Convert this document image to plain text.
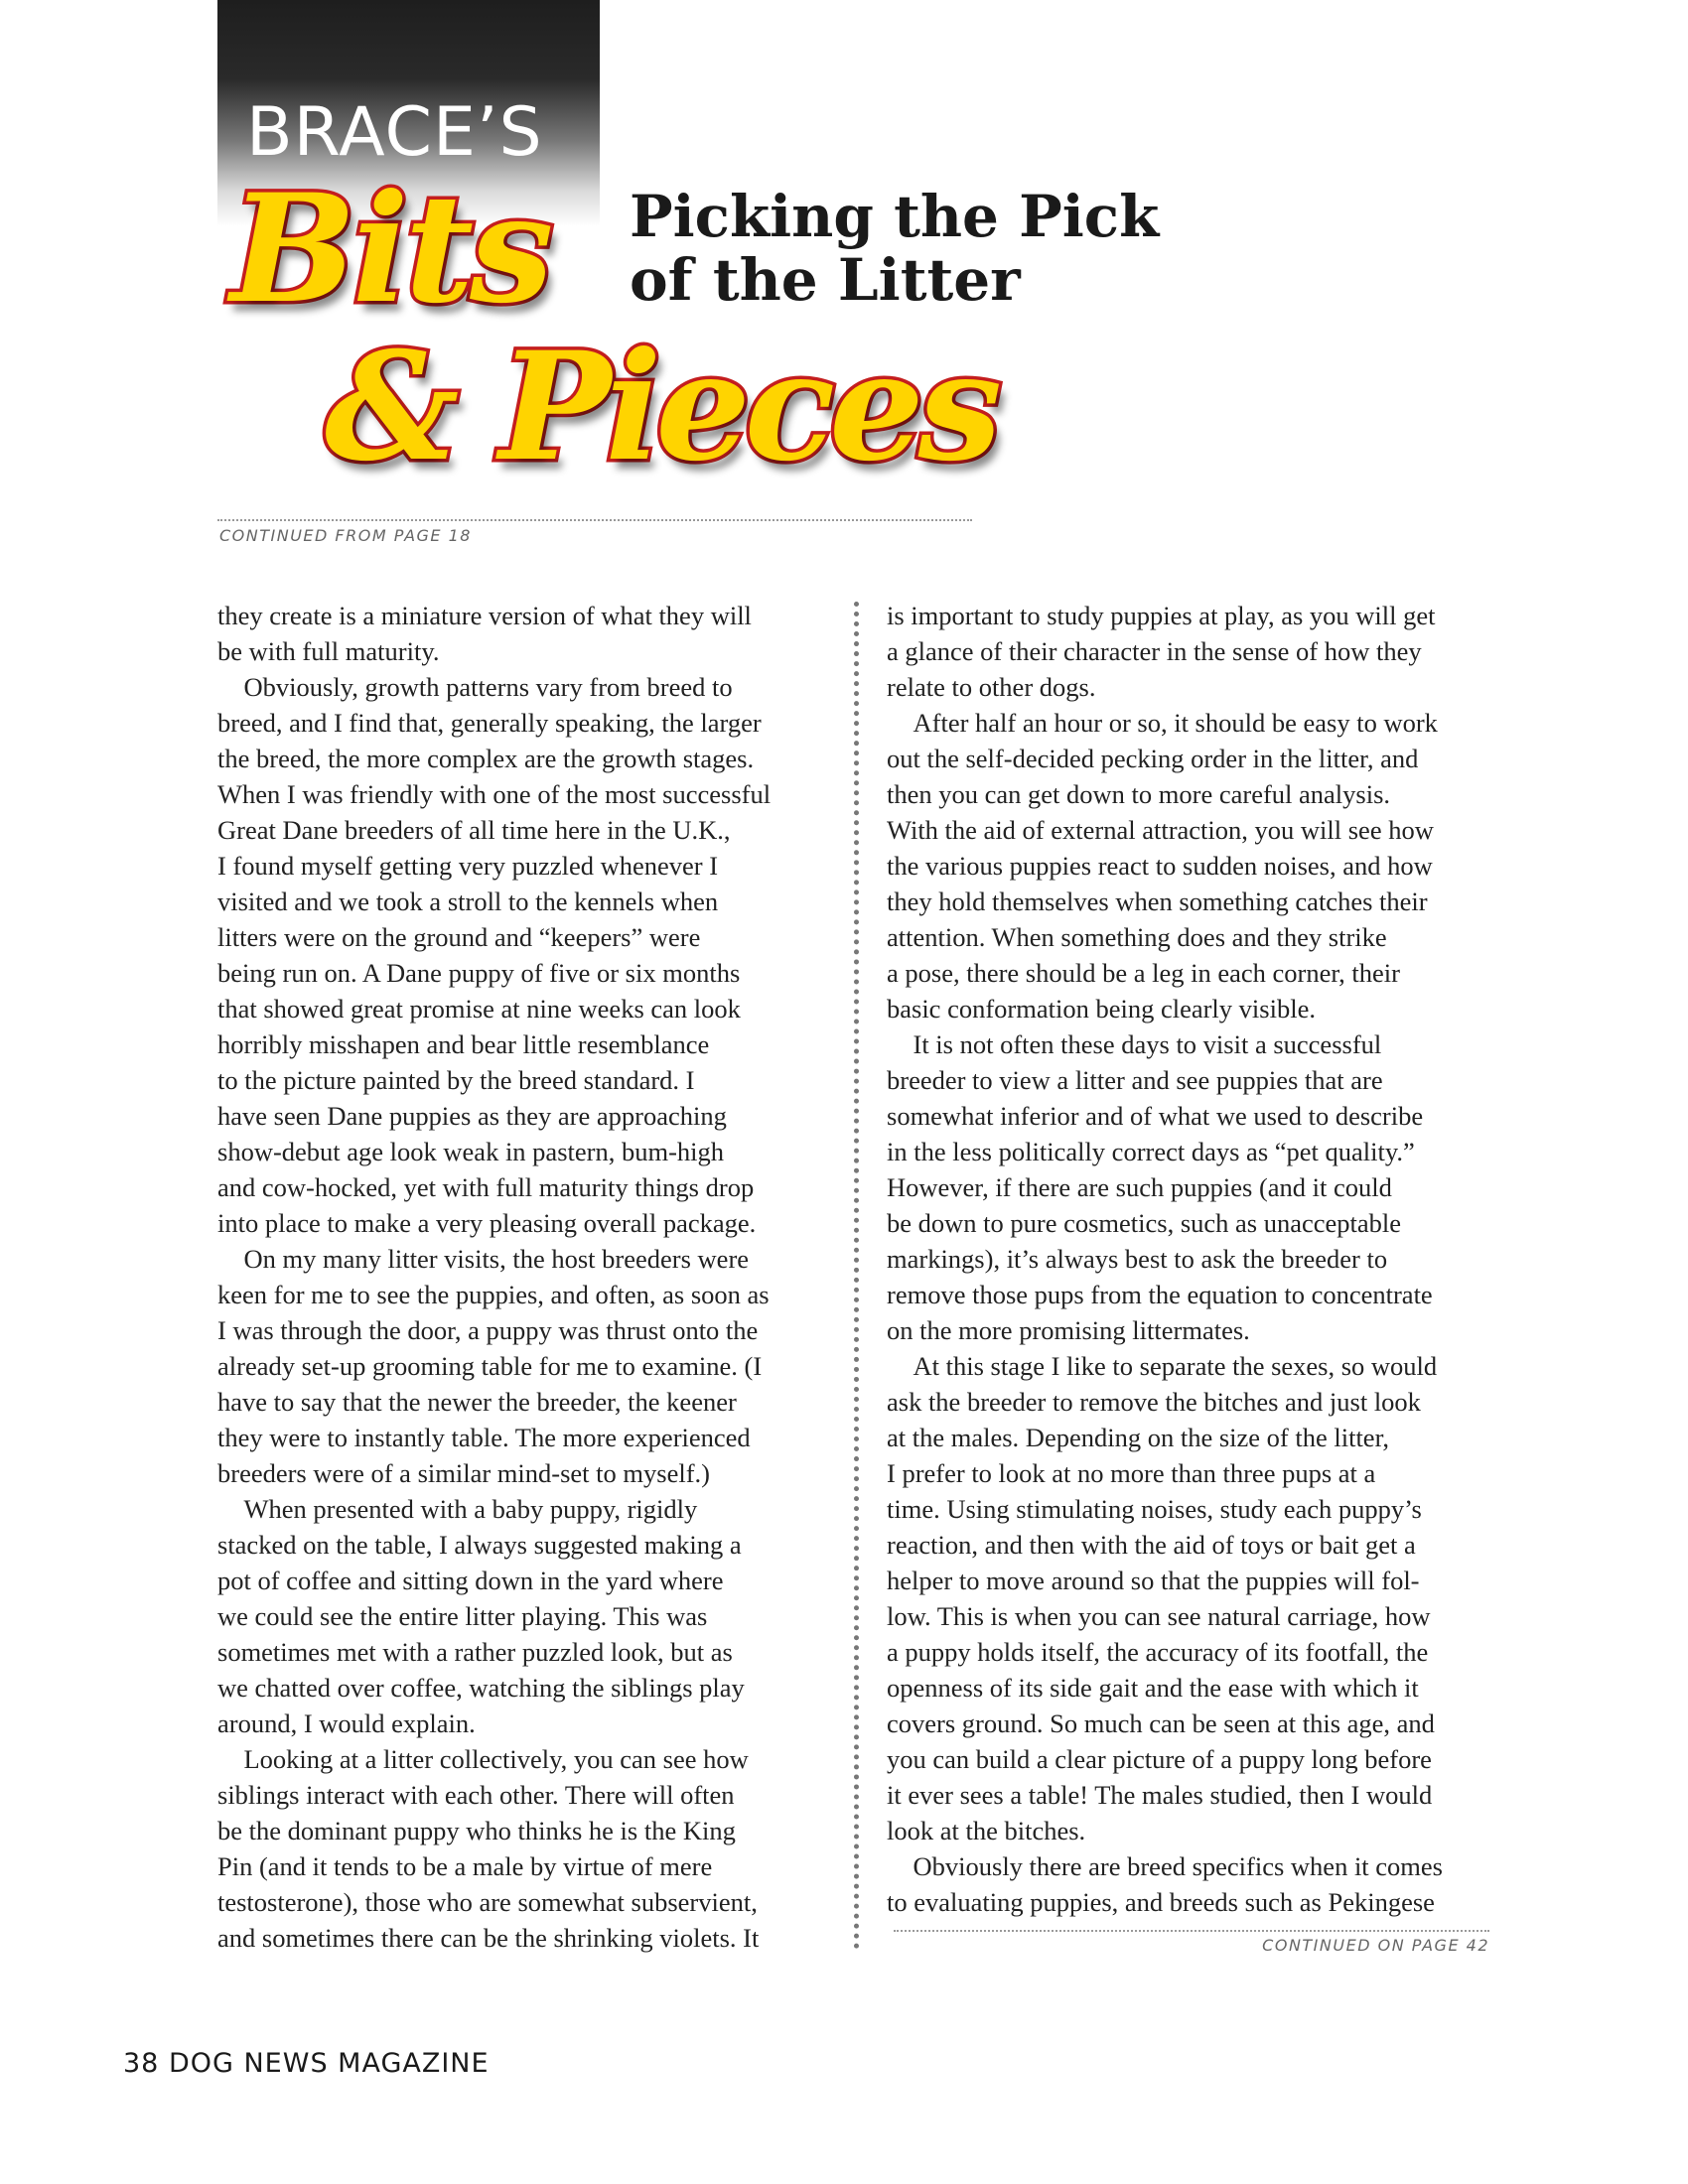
BRACE’S
Bits
& Pieces
Picking the Pick
of the Litter
CONTINUED FROM PAGE 18
they create is a miniature version of what they will
be with full maturity.
 Obviously, growth patterns vary from breed to
breed, and I find that, generally speaking, the larger
the breed, the more complex are the growth stages.
When I was friendly with one of the most successful
Great Dane breeders of all time here in the U.K.,
I found myself getting very puzzled whenever I
visited and we took a stroll to the kennels when
litters were on the ground and “keepers” were
being run on. A Dane puppy of five or six months
that showed great promise at nine weeks can look
horribly misshapen and bear little resemblance
to the picture painted by the breed standard. I
have seen Dane puppies as they are approaching
show-debut age look weak in pastern, bum-high
and cow-hocked, yet with full maturity things drop
into place to make a very pleasing overall package.
 On my many litter visits, the host breeders were
keen for me to see the puppies, and often, as soon as
I was through the door, a puppy was thrust onto the
already set-up grooming table for me to examine. (I
have to say that the newer the breeder, the keener
they were to instantly table. The more experienced
breeders were of a similar mind-set to myself.)
 When presented with a baby puppy, rigidly
stacked on the table, I always suggested making a
pot of coffee and sitting down in the yard where
we could see the entire litter playing. This was
sometimes met with a rather puzzled look, but as
we chatted over coffee, watching the siblings play
around, I would explain.
 Looking at a litter collectively, you can see how
siblings interact with each other. There will often
be the dominant puppy who thinks he is the King
Pin (and it tends to be a male by virtue of mere
testosterone), those who are somewhat subservient,
and sometimes there can be the shrinking violets. It
is important to study puppies at play, as you will get
a glance of their character in the sense of how they
relate to other dogs.
 After half an hour or so, it should be easy to work
out the self-decided pecking order in the litter, and
then you can get down to more careful analysis.
With the aid of external attraction, you will see how
the various puppies react to sudden noises, and how
they hold themselves when something catches their
attention. When something does and they strike
a pose, there should be a leg in each corner, their
basic conformation being clearly visible.
 It is not often these days to visit a successful
breeder to view a litter and see puppies that are
somewhat inferior and of what we used to describe
in the less politically correct days as “pet quality.”
However, if there are such puppies (and it could
be down to pure cosmetics, such as unacceptable
markings), it’s always best to ask the breeder to
remove those pups from the equation to concentrate
on the more promising littermates.
 At this stage I like to separate the sexes, so would
ask the breeder to remove the bitches and just look
at the males. Depending on the size of the litter,
I prefer to look at no more than three pups at a
time. Using stimulating noises, study each puppy’s
reaction, and then with the aid of toys or bait get a
helper to move around so that the puppies will fol-
low. This is when you can see natural carriage, how
a puppy holds itself, the accuracy of its footfall, the
openness of its side gait and the ease with which it
covers ground. So much can be seen at this age, and
you can build a clear picture of a puppy long before
it ever sees a table! The males studied, then I would
look at the bitches.
 Obviously there are breed specifics when it comes
to evaluating puppies, and breeds such as Pekingese
CONTINUED ON PAGE 42
38 DOG NEWS MAGAZINE
